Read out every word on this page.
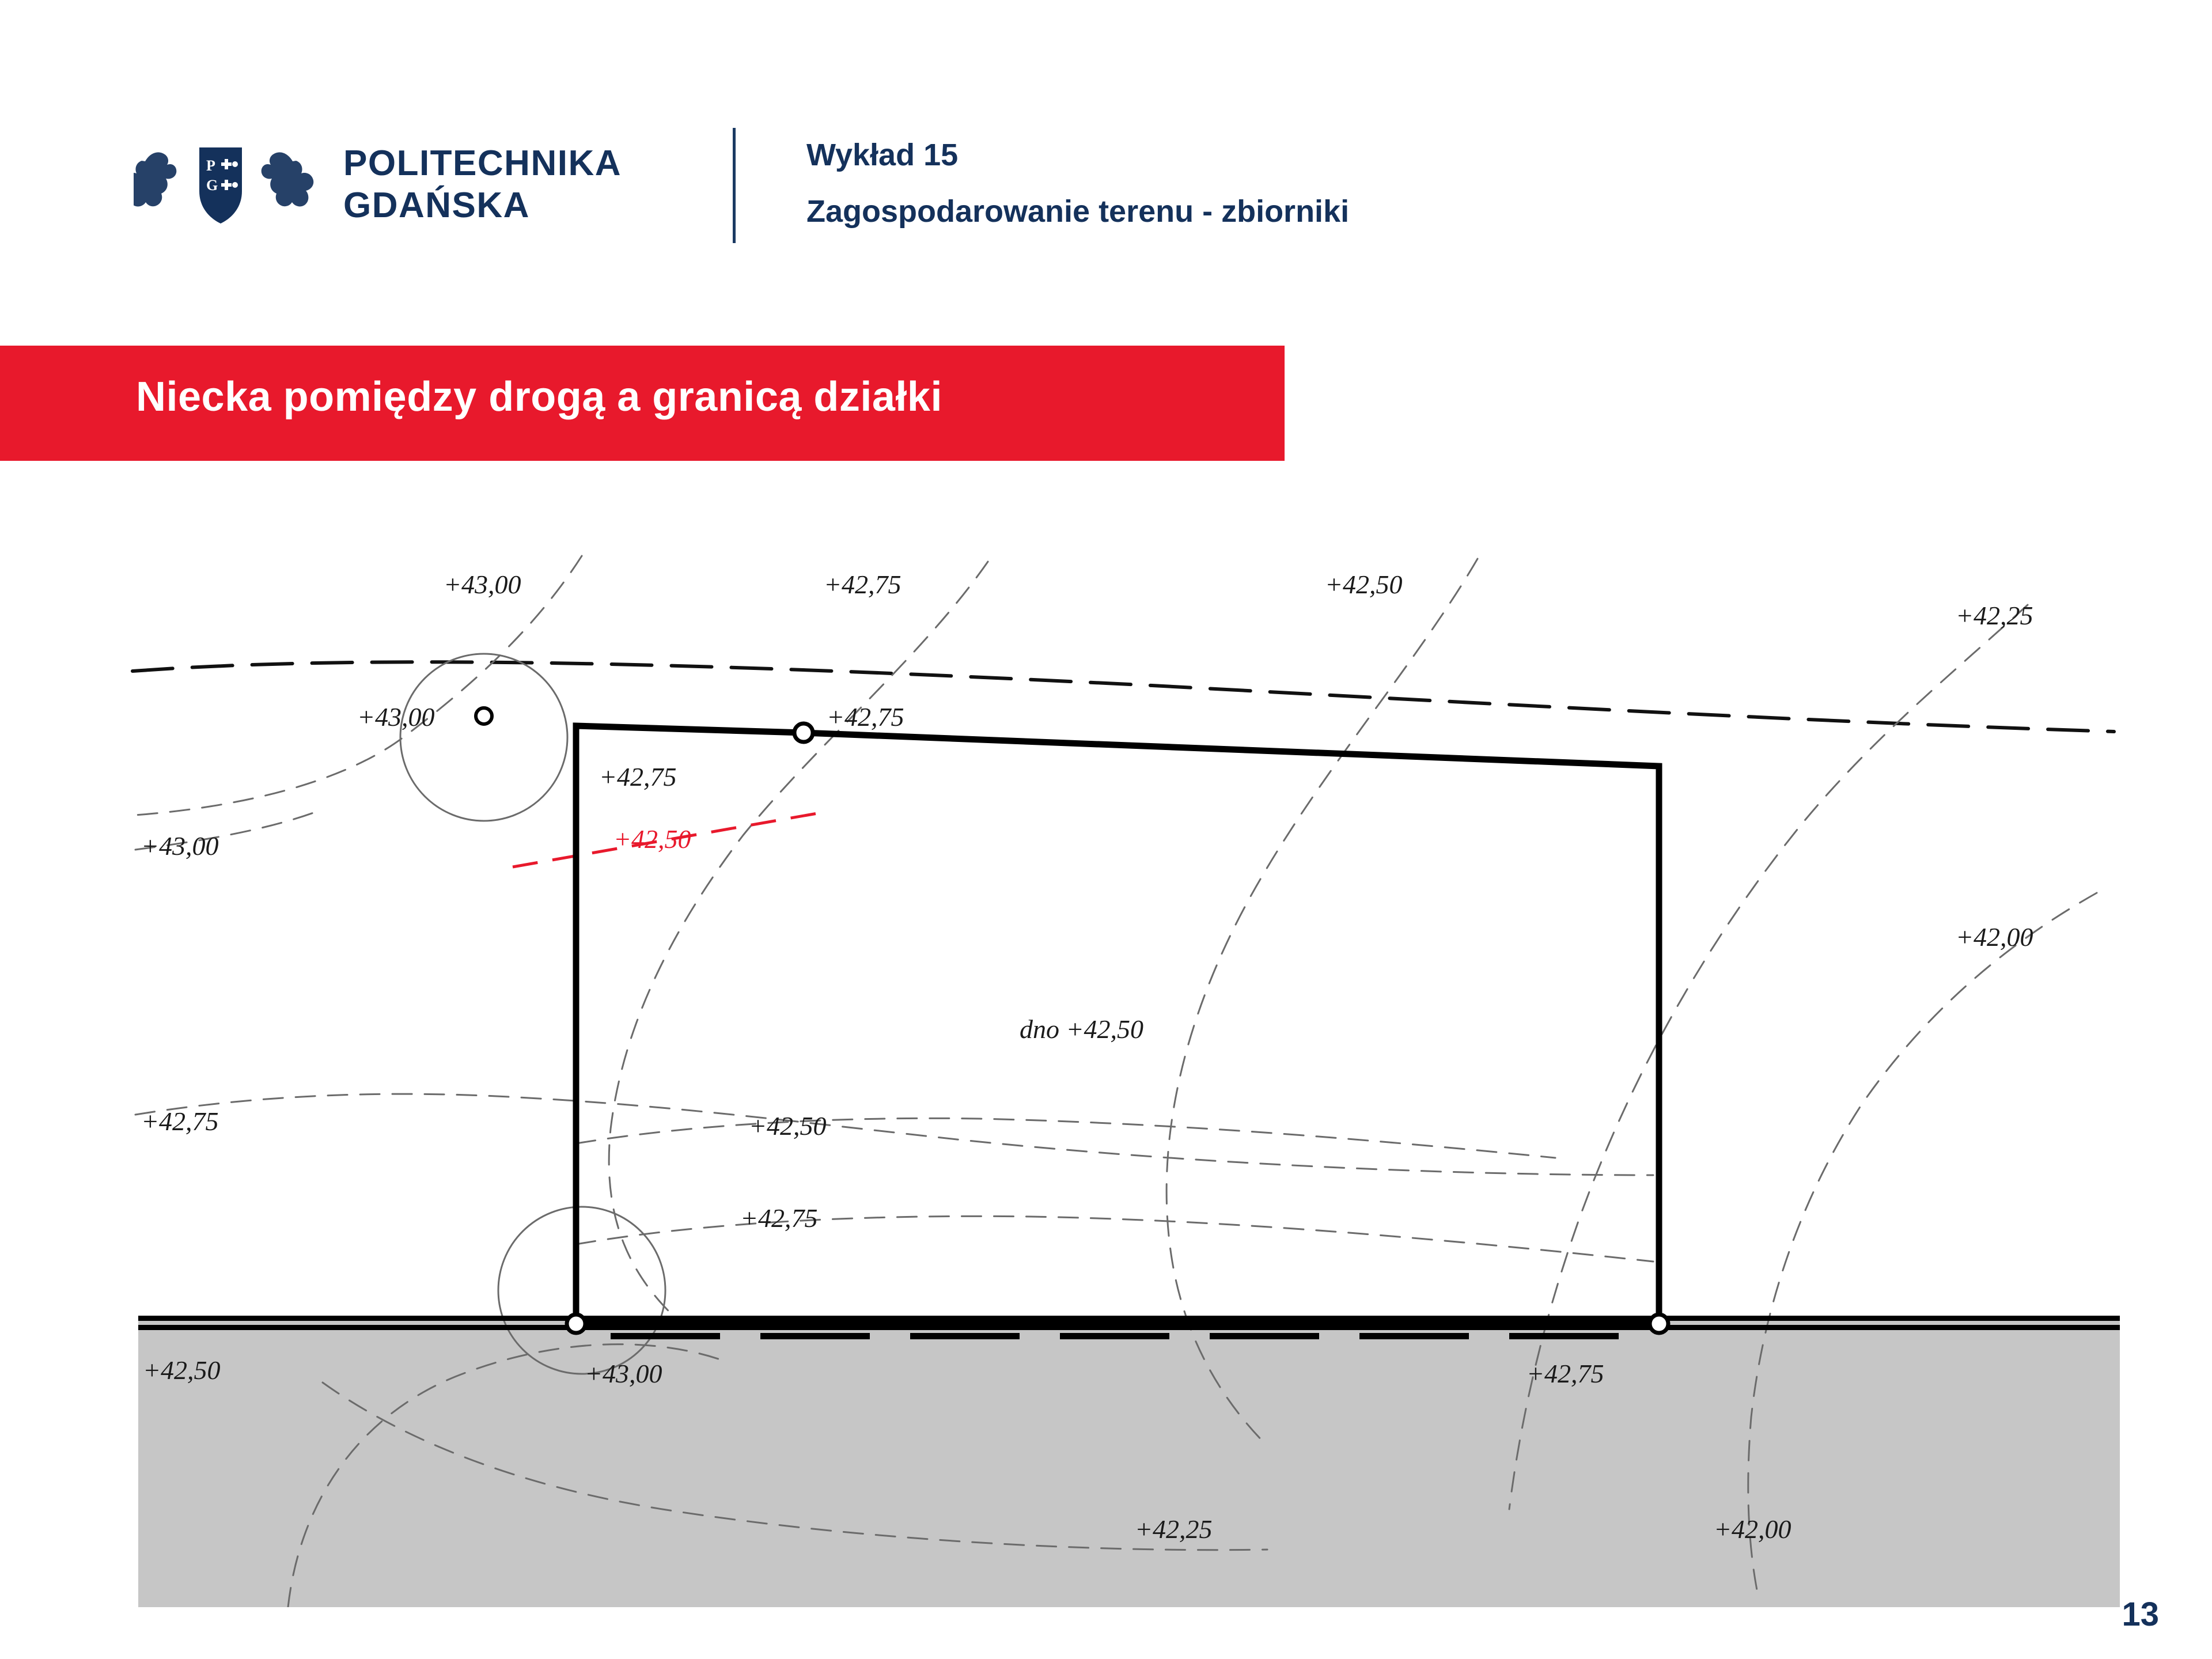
P
G
POLITECHNIKA
GDAŃSKA
Wykład 15
Zagospodarowanie terenu - zbiorniki
Niecka pomiędzy drogą a granicą działki
+43,00	+42,75	+42,50
+42,25
+43,00	+42,75
+42,75
+42,50
+43,00
+42,00
dno +42,50
+42,75	+42,50
+42,75
+42,50	+43,00	+42,75
+42,25	+42,00
13
